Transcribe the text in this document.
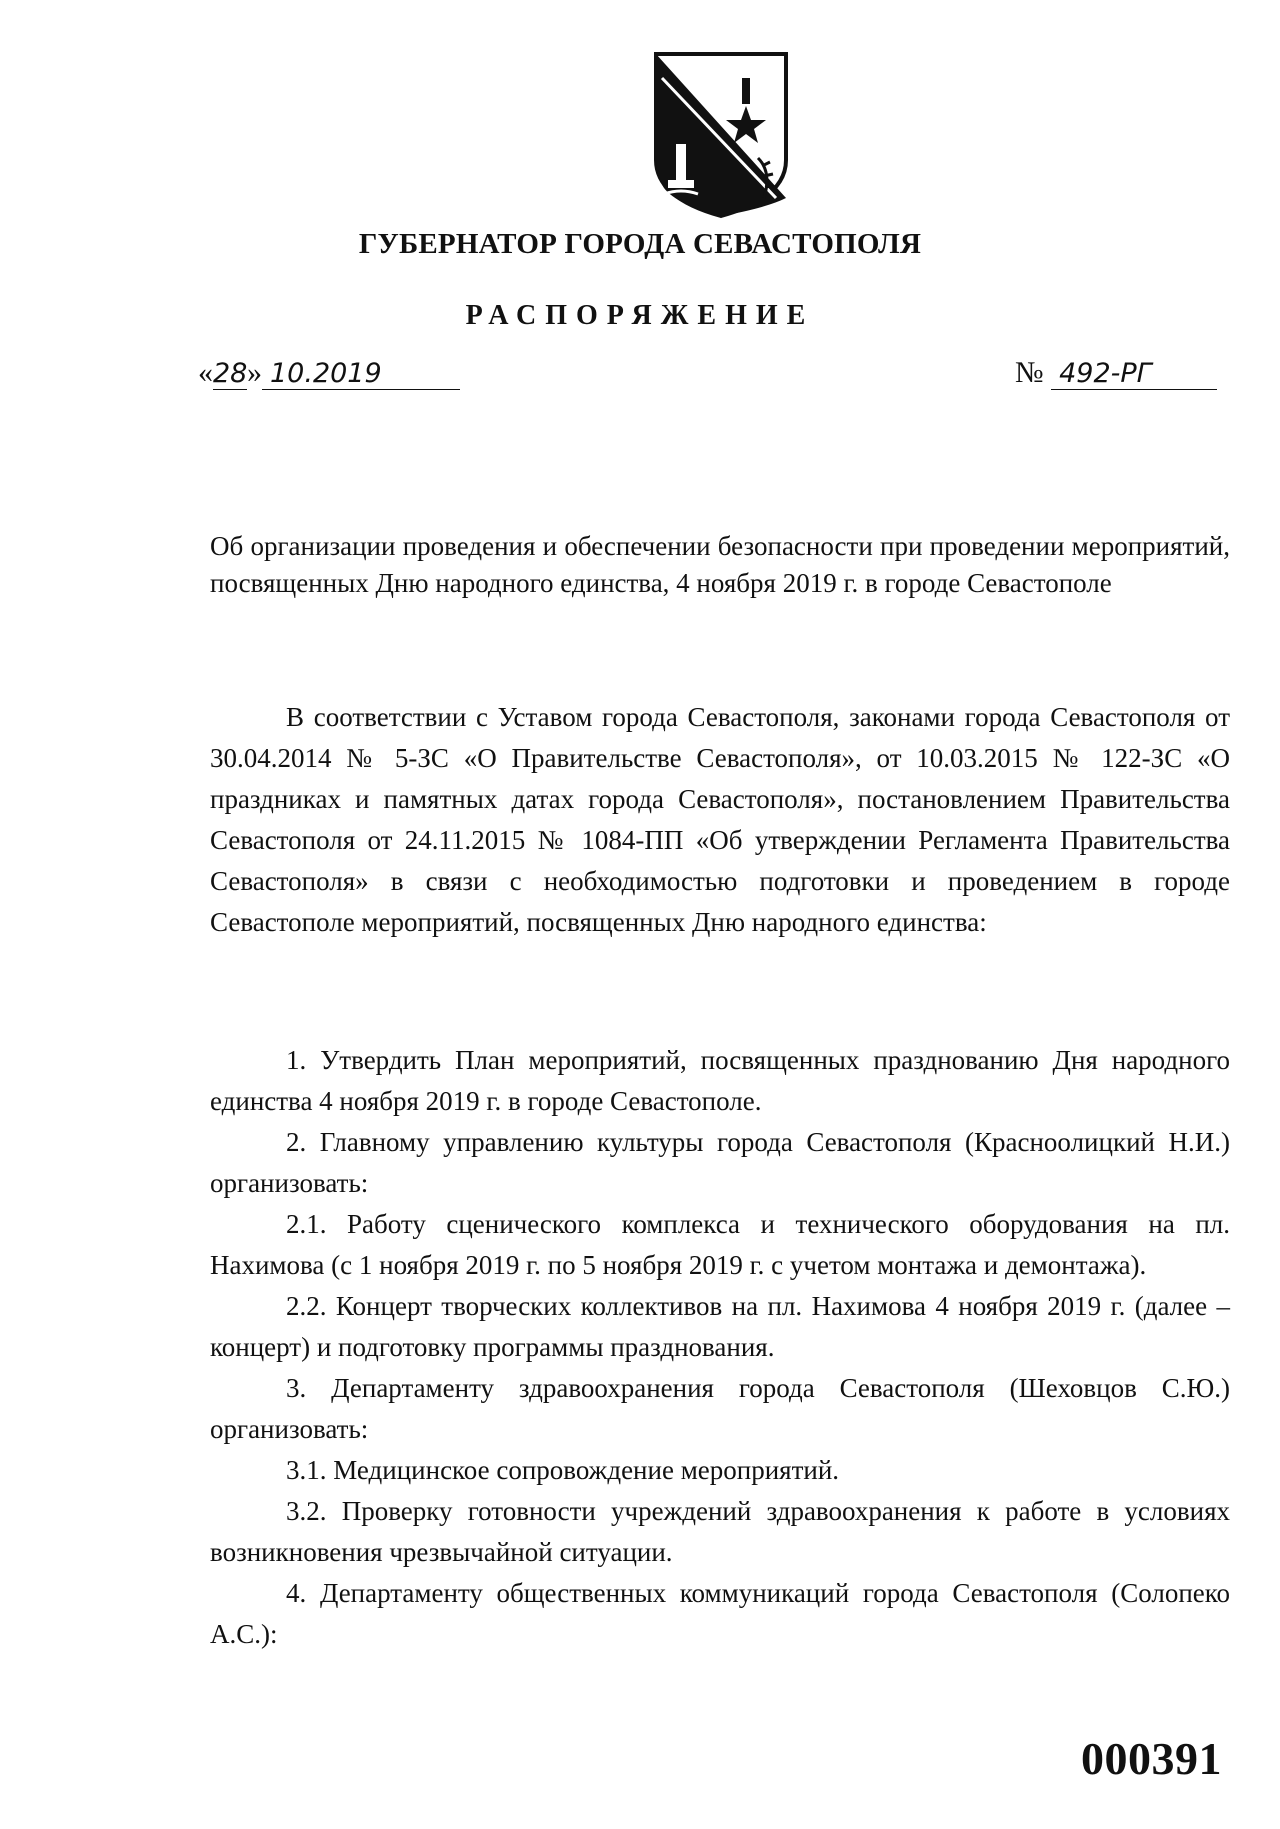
ГУБЕРНАТОР ГОРОДА СЕВАСТОПОЛЯ
РАСПОРЯЖЕНИЕ
«28» 10.2019	№ 492-РГ
Об организации проведения и обеспечении безопасности при проведении мероприятий, посвященных Дню народного единства, 4 ноября 2019 г. в городе Севастополе

В соответствии с Уставом города Севастополя, законами города Севастополя от 30.04.2014 № 5-ЗС «О Правительстве Севастополя», от 10.03.2015 № 122-ЗС «О праздниках и памятных датах города Севастополя», постановлением Правительства Севастополя от 24.11.2015 № 1084-ПП «Об утверждении Регламента Правительства Севастополя» в связи с необходимостью подготовки и проведением в городе Севастополе мероприятий, посвященных Дню народного единства:

1. Утвердить План мероприятий, посвященных празднованию Дня народного единства 4 ноября 2019 г. в городе Севастополе.

2. Главному управлению культуры города Севастополя (Красноолицкий Н.И.) организовать:

2.1. Работу сценического комплекса и технического оборудования на пл. Нахимова (с 1 ноября 2019 г. по 5 ноября 2019 г. с учетом монтажа и демонтажа).

2.2. Концерт творческих коллективов на пл. Нахимова 4 ноября 2019 г. (далее – концерт) и подготовку программы празднования.

3. Департаменту здравоохранения города Севастополя (Шеховцов С.Ю.) организовать:

3.1. Медицинское сопровождение мероприятий.

3.2. Проверку готовности учреждений здравоохранения к работе в условиях возникновения чрезвычайной ситуации.

4. Департаменту общественных коммуникаций города Севастополя (Солопеко А.С.):

000391
